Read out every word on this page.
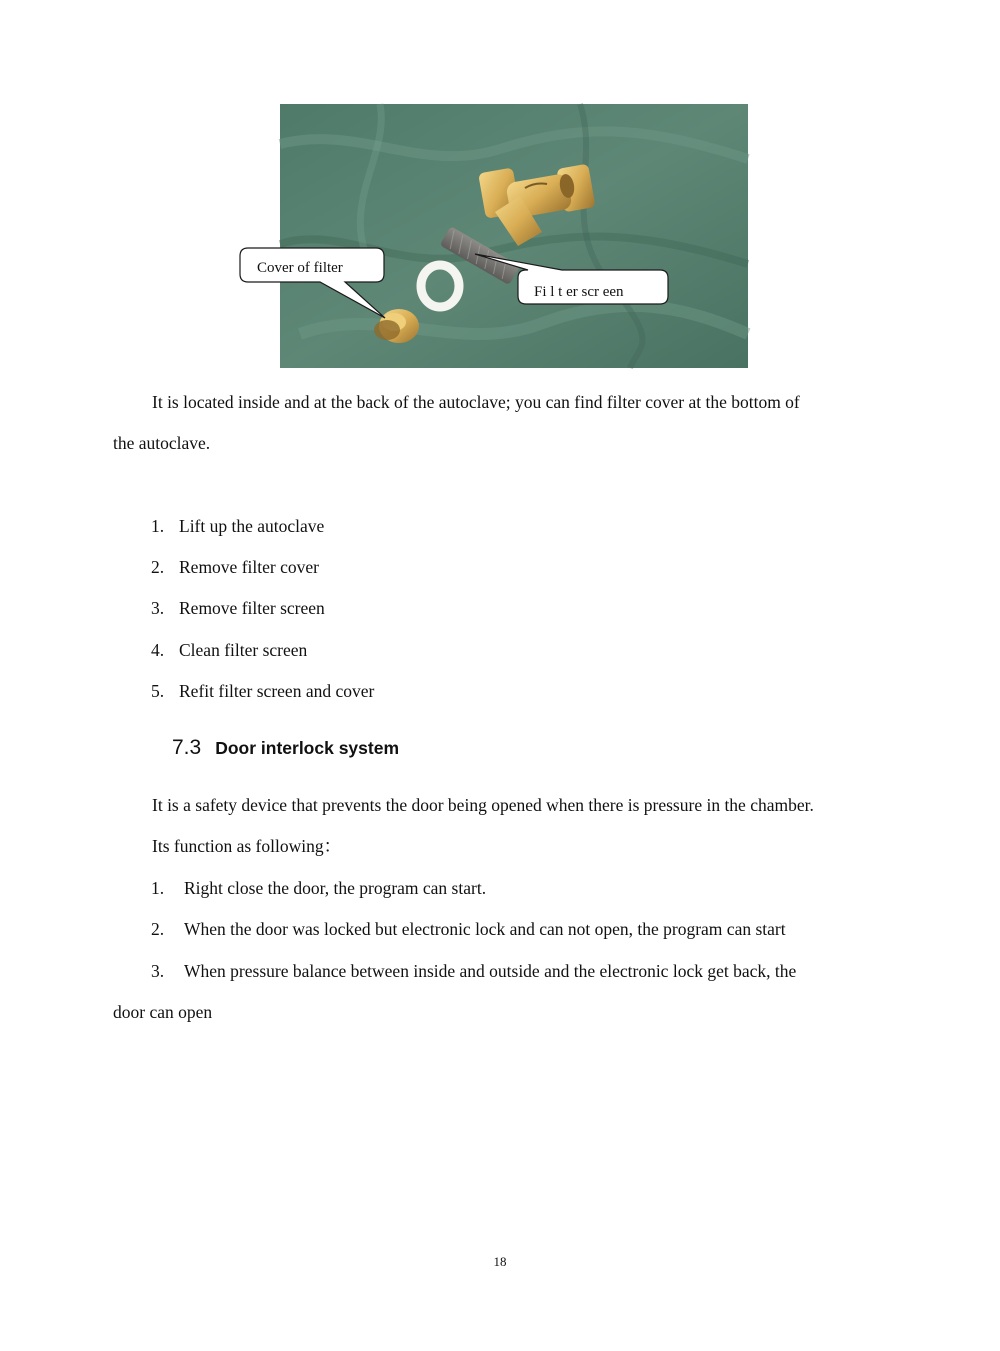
Cover of filter
Fi l t er scr een
It is located inside and at the back of the autoclave; you can find filter cover at the bottom of
the autoclave.
1. Lift up the autoclave
2. Remove filter cover
3. Remove filter screen
4. Clean filter screen
5. Refit filter screen and cover
7.3 Door interlock system
It is a safety device that prevents the door being opened when there is pressure in the chamber.
Its function as following：
1. Right close the door, the program can start.
2. When the door was locked but electronic lock and can not open, the program can start
3. When pressure balance between inside and outside and the electronic lock get back, the
door can open
18
